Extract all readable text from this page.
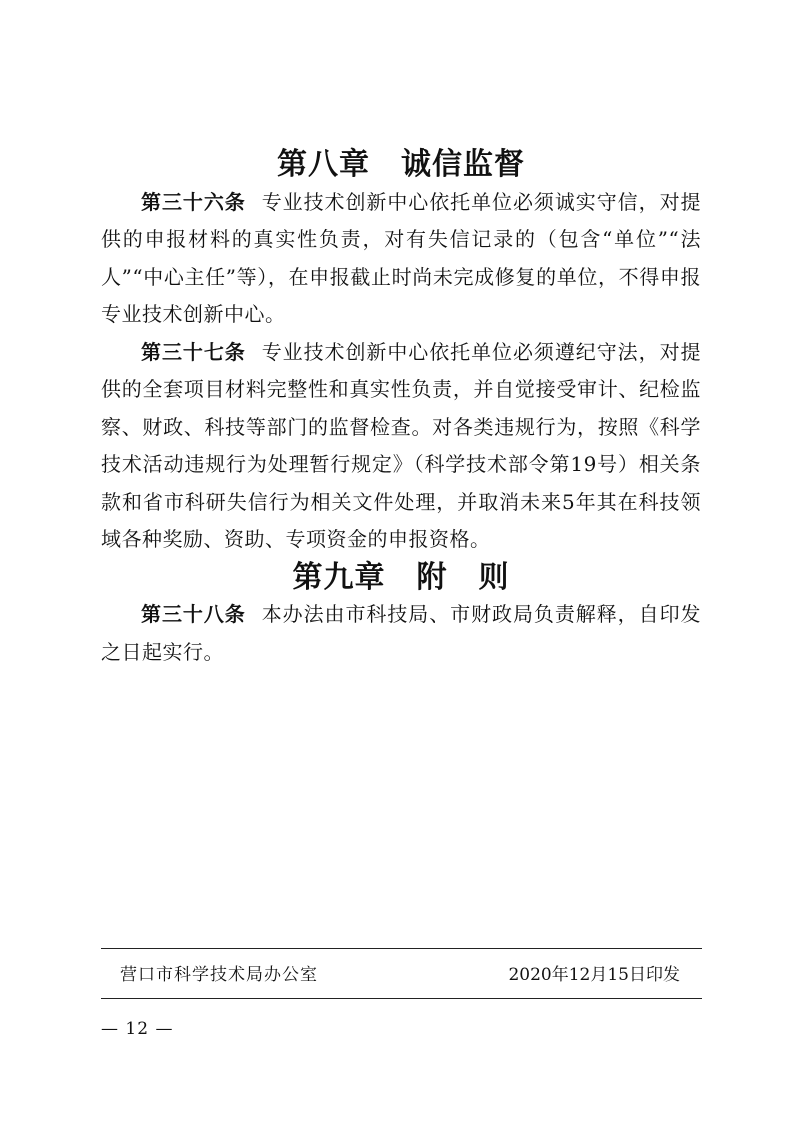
第八章　诚信监督

第三十六条 专业技术创新中心依托单位必须诚实守信，对提供的申报材料的真实性负责，对有失信记录的（包含“单位”“法人”“中心主任”等），在申报截止时尚未完成修复的单位，不得申报专业技术创新中心。

第三十七条 专业技术创新中心依托单位必须遵纪守法，对提供的全套项目材料完整性和真实性负责，并自觉接受审计、纪检监察、财政、科技等部门的监督检查。对各类违规行为，按照《科学技术活动违规行为处理暂行规定》（科学技术部令第19号）相关条款和省市科研失信行为相关文件处理，并取消未来5年其在科技领域各种奖励、资助、专项资金的申报资格。

第九章　附　则

第三十八条 本办法由市科技局、市财政局负责解释，自印发之日起实行。

营口市科学技术局办公室	2020年12月15日印发
— 12 —
